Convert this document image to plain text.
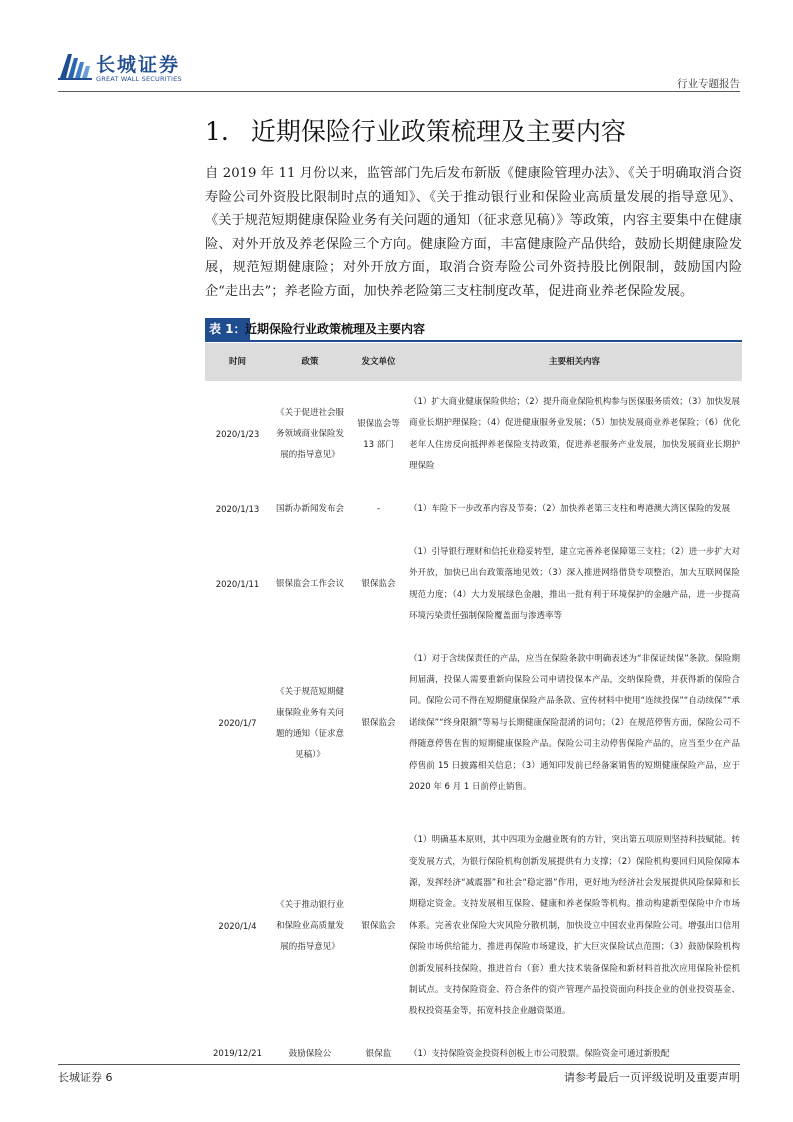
长城证券
GREAT WALL SECURITIES	行业专题报告
1. 近期保险行业政策梳理及主要内容
自 2019 年 11 月份以来，监管部门先后发布新版《健康险管理办法》、《关于明确取消合资寿险公司外资股比限制时点的通知》、《关于推动银行业和保险业高质量发展的指导意见》、《关于规范短期健康保险业务有关问题的通知（征求意见稿）》等政策，内容主要集中在健康险、对外开放及养老保险三个方向。健康险方面，丰富健康险产品供给，鼓励长期健康险发展，规范短期健康险；对外开放方面，取消合资寿险公司外资持股比例限制，鼓励国内险企“走出去”；养老险方面，加快养老险第三支柱制度改革，促进商业养老保险发展。
表 1： 近期保险行业政策梳理及主要内容
时间	政策	发文单位	主要相关内容
2020/1/23	《关于促进社会服务领域商业保险发展的指导意见》	银保监会等 13 部门	（1）扩大商业健康保险供给；（2）提升商业保险机构参与医保服务质效；（3）加快发展商业长期护理保险；（4）促进健康服务业发展；（5）加快发展商业养老保险；（6）优化老年人住房反向抵押养老保险支持政策，促进养老服务产业发展，加快发展商业长期护理保险
2020/1/13	国新办新闻发布会	-	（1）车险下一步改革内容及节奏；（2）加快养老第三支柱和粤港澳大湾区保险的发展
2020/1/11	银保监会工作会议	银保监会	（1）引导银行理财和信托业稳妥转型，建立完善养老保障第三支柱；（2）进一步扩大对外开放，加快已出台政策落地见效；（3）深入推进网络借贷专项整治，加大互联网保险规范力度；（4）大力发展绿色金融，推出一批有利于环境保护的金融产品，进一步提高环境污染责任强制保险覆盖面与渗透率等
2020/1/7	《关于规范短期健康保险业务有关问题的通知（征求意见稿）》	银保监会	（1）对于含续保责任的产品，应当在保险条款中明确表述为“非保证续保”条款。保险期间届满，投保人需要重新向保险公司申请投保本产品，交纳保险费，并获得新的保险合同。保险公司不得在短期健康保险产品条款、宣传材料中使用“连续投保”“自动续保”“承诺续保”“终身限额”等易与长期健康保险混淆的词句；（2）在规范停售方面，保险公司不得随意停售在售的短期健康保险产品。保险公司主动停售保险产品的，应当至少在产品停售前 15 日披露相关信息；（3）通知印发前已经备案销售的短期健康保险产品，应于 2020 年 6 月 1 日前停止销售。
2020/1/4	《关于推动银行业和保险业高质量发展的指导意见》	银保监会	（1）明确基本原则，其中四项为金融业既有的方针，突出第五项原则坚持科技赋能。转变发展方式，为银行保险机构创新发展提供有力支撑；（2）保险机构要回归风险保障本源，发挥经济“减震器”和社会“稳定器”作用，更好地为经济社会发展提供风险保障和长期稳定资金。支持发展相互保险、健康和养老保险等机构。推动构建新型保险中介市场体系。完善农业保险大灾风险分散机制，加快设立中国农业再保险公司。增强出口信用保险市场供给能力，推进再保险市场建设，扩大巨灾保险试点范围；（3）鼓励保险机构创新发展科技保险，推进首台（套）重大技术装备保险和新材料首批次应用保险补偿机制试点。支持保险资金、符合条件的资产管理产品投资面向科技企业的创业投资基金、股权投资基金等，拓宽科技企业融资渠道。
2019/12/21	鼓励保险公	银保监	（1）支持保险资金投资科创板上市公司股票。保险资金可通过新股配
长城证券 6	请参考最后一页评级说明及重要声明
